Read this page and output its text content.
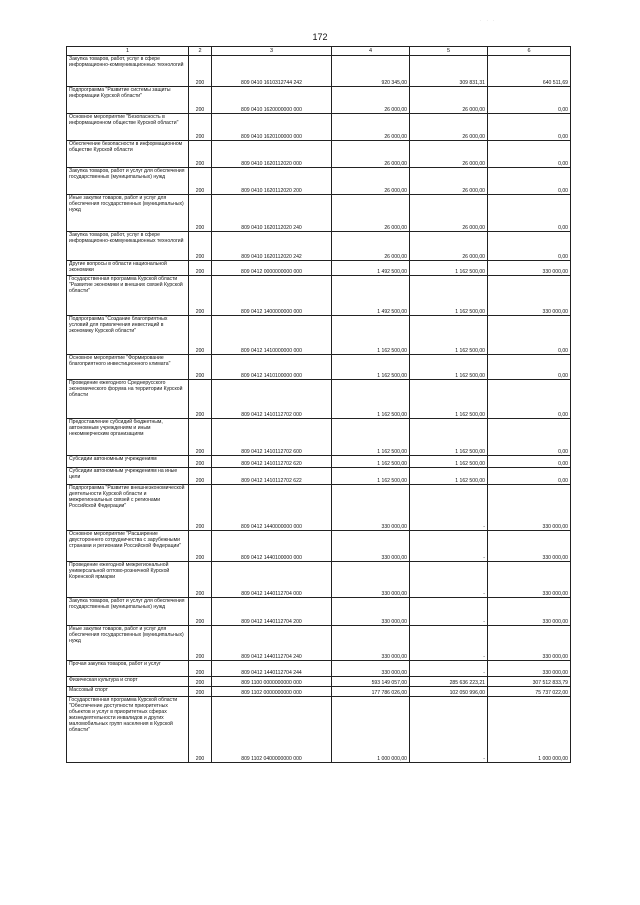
· · ·
172
1	2	3	4	5	6
Закупка товаров, работ, услуг в сфере информационно-коммуникационных технологий	200	809 0410 1610312744 242	920 345,00	309 831,31	640 511,69
Подпрограмма "Развитие системы защиты информации Курской области"	200	809 0410 1620000000 000	26 000,00	26 000,00	0,00
Основное мероприятие "Безопасность в информационном обществе Курской области"	200	809 0410 1620100000 000	26 000,00	26 000,00	0,00
Обеспечение безопасности в информационном обществе Курской области	200	809 0410 1620112020 000	26 000,00	26 000,00	0,00
Закупка товаров, работ и услуг для обеспечения государственных (муниципальных) нужд	200	809 0410 1620112020 200	26 000,00	26 000,00	0,00
Иные закупки товаров, работ и услуг для обеспечения государственных (муниципальных) нужд	200	809 0410 1620112020 240	26 000,00	26 000,00	0,00
Закупка товаров, работ, услуг в сфере информационно-коммуникационных технологий	200	809 0410 1620112020 242	26 000,00	26 000,00	0,00
Другие вопросы в области национальной экономики	200	809 0412 0000000000 000	1 492 500,00	1 162 500,00	330 000,00
Государственная программа Курской области "Развитие экономики и внешних связей Курской области"	200	809 0412 1400000000 000	1 492 500,00	1 162 500,00	330 000,00
Подпрограмма "Создание благоприятных условий для привлечения инвестиций в экономику Курской области"	200	809 0412 1410000000 000	1 162 500,00	1 162 500,00	0,00
Основное мероприятие "Формирование благоприятного инвестиционного климата"	200	809 0412 1410100000 000	1 162 500,00	1 162 500,00	0,00
Проведение ежегодного Среднерусского экономического форума на территории Курской области	200	809 0412 1410112702 000	1 162 500,00	1 162 500,00	0,00
Предоставление субсидий бюджетным, автономным учреждениям и иным некоммерческим организациям	200	809 0412 1410112702 600	1 162 500,00	1 162 500,00	0,00
Субсидии автономным учреждениям	200	809 0412 1410112702 620	1 162 500,00	1 162 500,00	0,00
Субсидии автономным учреждениям на иные цели	200	809 0412 1410112702 622	1 162 500,00	1 162 500,00	0,00
Подпрограмма "Развитие внешнеэкономической деятельности Курской области и межрегиональных связей с регионами Российской Федерации"	200	809 0412 1440000000 000	330 000,00	-	330 000,00
Основное мероприятие "Расширение двустороннего сотрудничества с зарубежными странами и регионами Российской Федерации"	200	809 0412 1440100000 000	330 000,00	-	330 000,00
Проведение ежегодной межрегиональной универсальной оптово-розничной Курской Коренской ярмарки	200	809 0412 1440112704 000	330 000,00	-	330 000,00
Закупка товаров, работ и услуг для обеспечения государственных (муниципальных) нужд	200	809 0412 1440112704 200	330 000,00	-	330 000,00
Иные закупки товаров, работ и услуг для обеспечения государственных (муниципальных) нужд	200	809 0412 1440112704 240	330 000,00	-	330 000,00
Прочая закупка товаров, работ и услуг	200	809 0412 1440112704 244	330 000,00	-	330 000,00
Физическая культура и спорт	200	809 1100 0000000000 000	593 149 057,00	285 636 223,21	307 512 833,79
Массовый спорт	200	809 1102 0000000000 000	177 786 026,00	102 050 996,00	75 737 022,00
Государственная программа Курской области "Обеспечение доступности приоритетных объектов и услуг в приоритетных сферах жизнедеятельности инвалидов и других маломобильных групп населения в Курской области"	200	809 1102 0400000000 000	1 000 000,00	-	1 000 000,00
